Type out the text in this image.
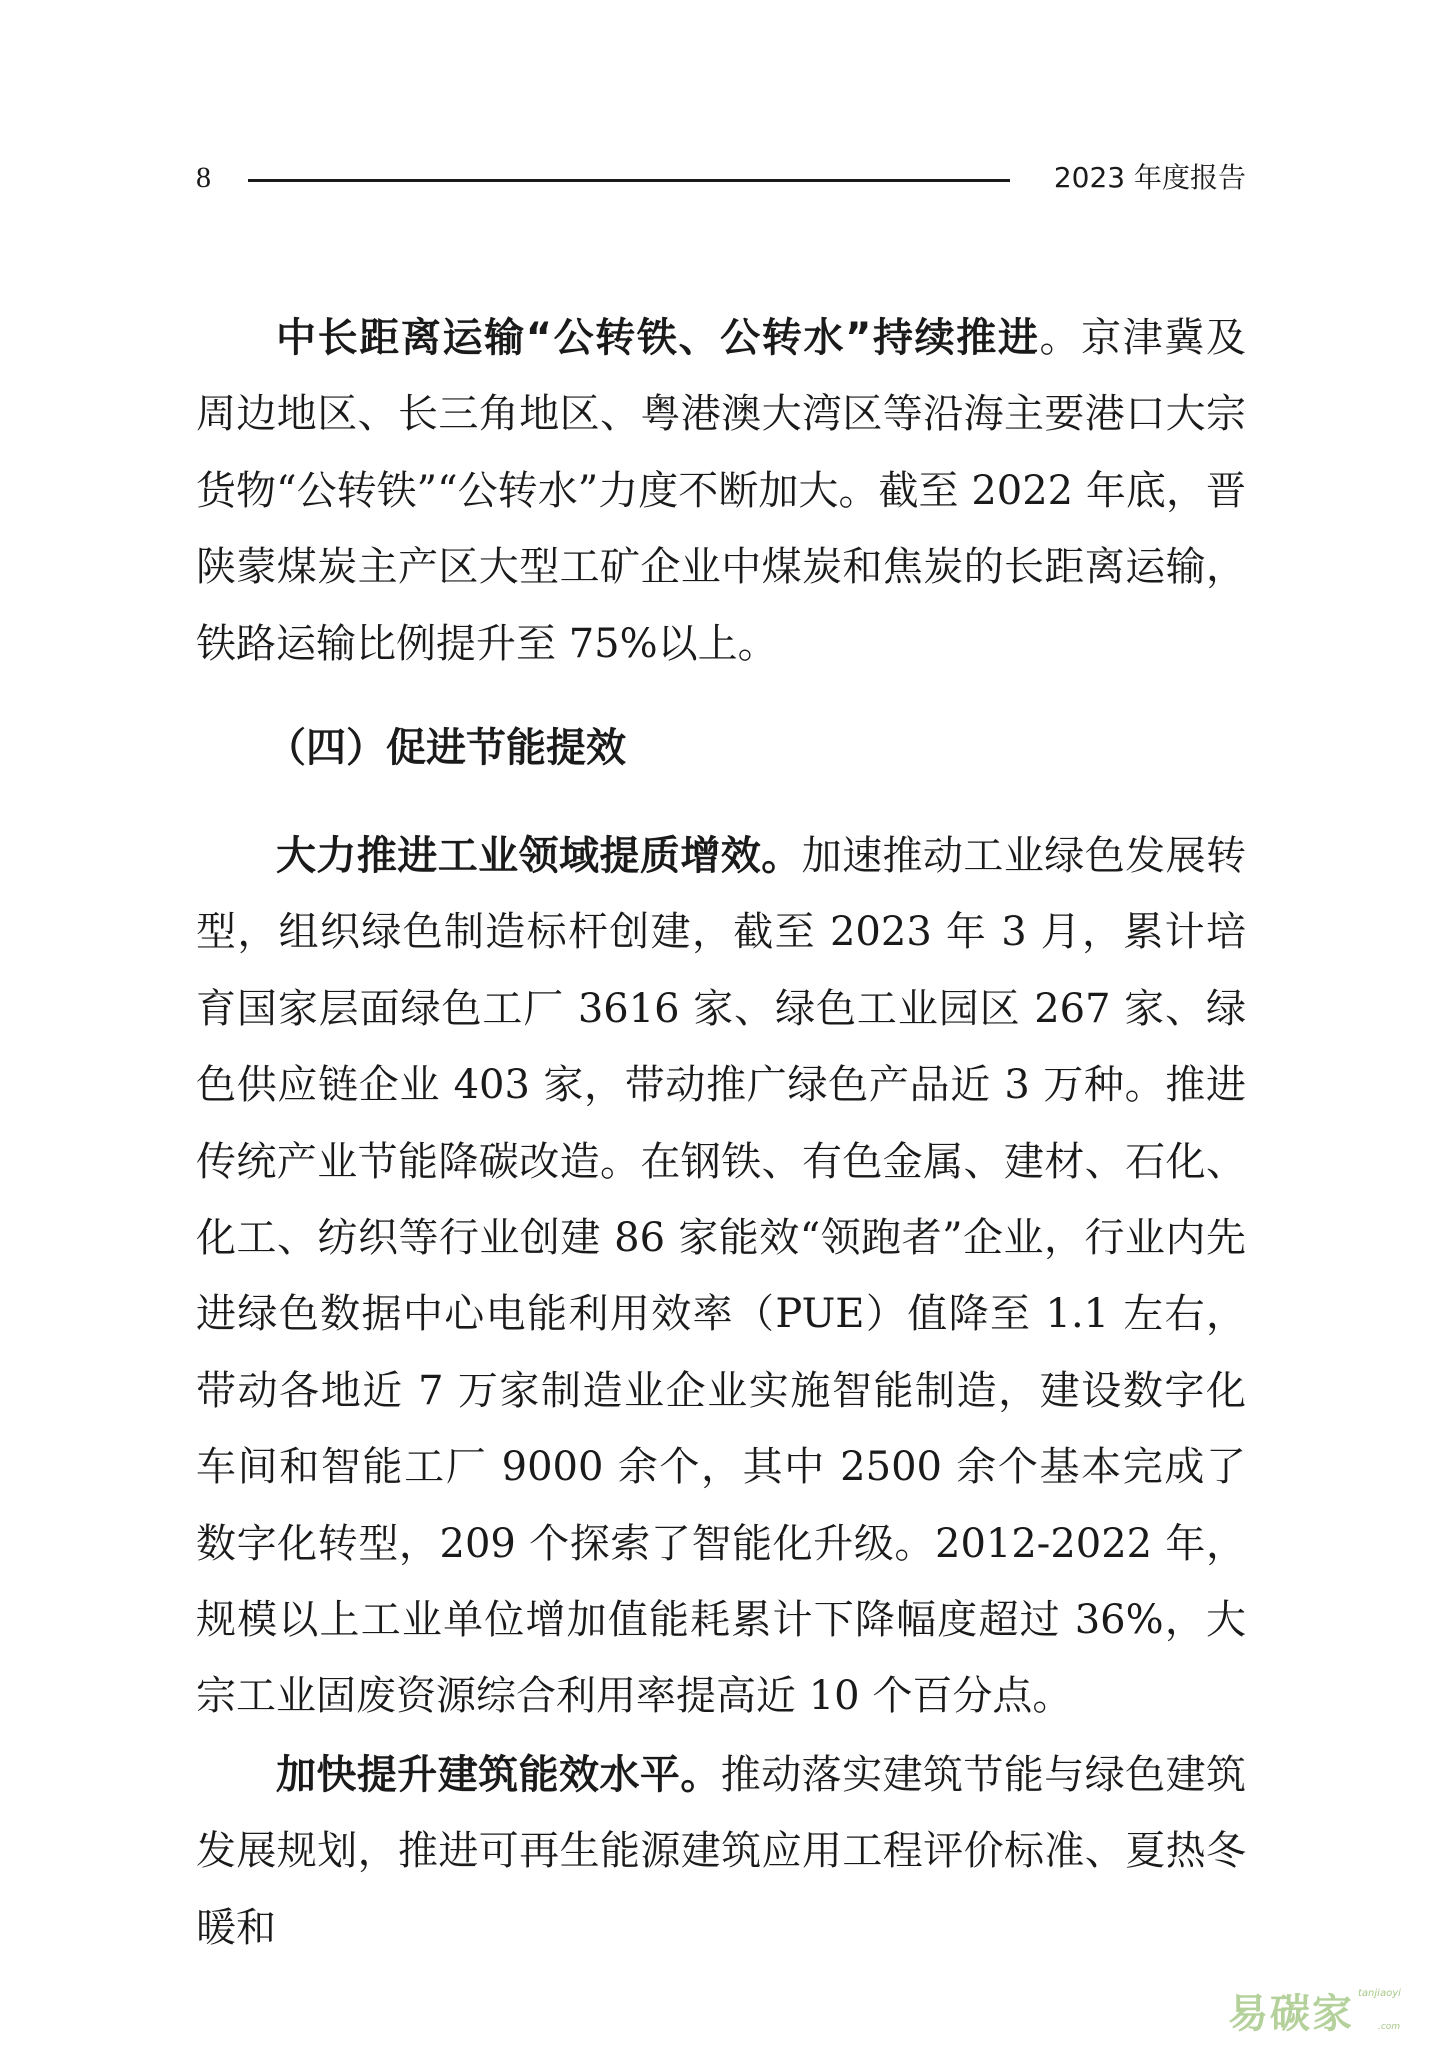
8	2023 年度报告

中长距离运输“公转铁、公转水”持续推进。京津冀及周边地区、长三角地区、粤港澳大湾区等沿海主要港口大宗货物“公转铁”“公转水”力度不断加大。截至 2022 年底，晋陕蒙煤炭主产区大型工矿企业中煤炭和焦炭的长距离运输，铁路运输比例提升至 75%以上。

（四）促进节能提效

大力推进工业领域提质增效。加速推动工业绿色发展转型，组织绿色制造标杆创建，截至 2023 年 3 月，累计培育国家层面绿色工厂 3616 家、绿色工业园区 267 家、绿色供应链企业 403 家，带动推广绿色产品近 3 万种。推进传统产业节能降碳改造。在钢铁、有色金属、建材、石化、化工、纺织等行业创建 86 家能效“领跑者”企业，行业内先进绿色数据中心电能利用效率（PUE）值降至 1.1 左右，带动各地近 7 万家制造业企业实施智能制造，建设数字化车间和智能工厂 9000 余个，其中 2500 余个基本完成了数字化转型，209 个探索了智能化升级。2012-2022 年，规模以上工业单位增加值能耗累计下降幅度超过 36%，大宗工业固废资源综合利用率提高近 10 个百分点。

加快提升建筑能效水平。推动落实建筑节能与绿色建筑发展规划，推进可再生能源建筑应用工程评价标准、夏热冬暖和

易碳家 tanjiaoyi
.com
